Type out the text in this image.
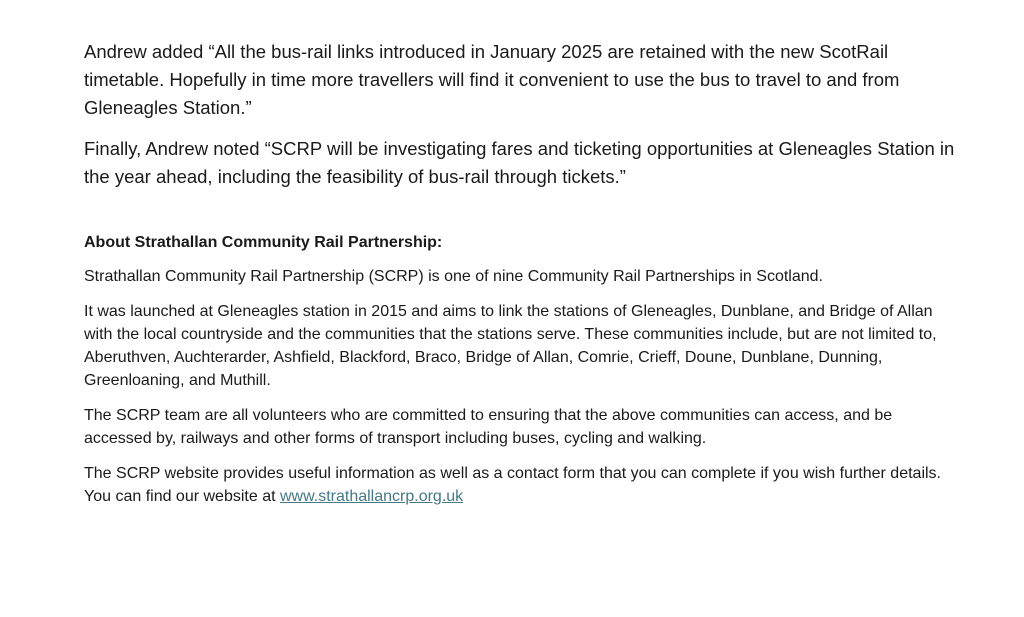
Andrew added “All the bus-rail links introduced in January 2025 are retained with the new ScotRail timetable. Hopefully in time more travellers will find it convenient to use the bus to travel to and from Gleneagles Station.”

Finally, Andrew noted “SCRP will be investigating fares and ticketing opportunities at Gleneagles Station in the year ahead, including the feasibility of bus-rail through tickets.”

About Strathallan Community Rail Partnership:

Strathallan Community Rail Partnership (SCRP) is one of nine Community Rail Partnerships in Scotland.

It was launched at Gleneagles station in 2015 and aims to link the stations of Gleneagles, Dunblane, and Bridge of Allan with the local countryside and the communities that the stations serve. These communities include, but are not limited to, Aberuthven, Auchterarder, Ashfield, Blackford, Braco, Bridge of Allan, Comrie, Crieff, Doune, Dunblane, Dunning, Greenloaning, and Muthill.

The SCRP team are all volunteers who are committed to ensuring that the above communities can access, and be accessed by, railways and other forms of transport including buses, cycling and walking.

The SCRP website provides useful information as well as a contact form that you can complete if you wish further details. You can find our website at www.strathallancrp.org.uk
